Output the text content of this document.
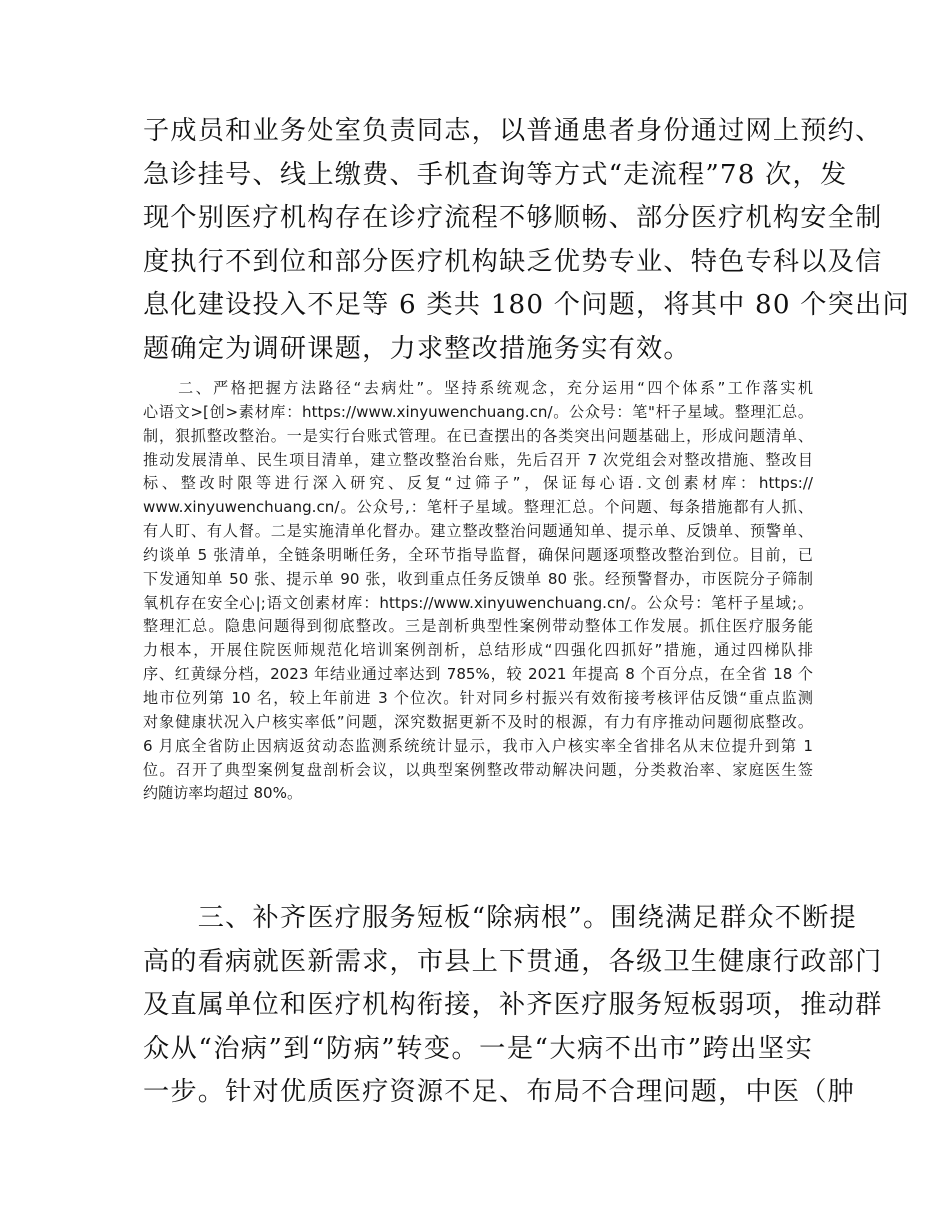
子成员和业务处室负责同志，以普通患者身份通过网上预约、
急诊挂号、线上缴费、手机查询等方式“走流程”78 次，发
现个别医疗机构存在诊疗流程不够顺畅、部分医疗机构安全制
度执行不到位和部分医疗机构缺乏优势专业、特色专科以及信
息化建设投入不足等 6 类共 180 个问题，将其中 80 个突出问
题确定为调研课题，力求整改措施务实有效。
　　二、严格把握方法路径“去病灶”。坚持系统观念，充分运用“四个体系”工作落实机
心语文>[创>素材库：https://www.xinyuwenchuang.cn/。公众号：笔"杆子星域。整理汇总。
制，狠抓整改整治。一是实行台账式管理。在已查摆出的各类突出问题基础上，形成问题清单、
推动发展清单、民生项目清单，建立整改整治台账，先后召开 7 次党组会对整改措施、整改目
标、整改时限等进行深入研究、反复“过筛子”，保证每心语.文创素材库：https://
www.xinyuwenchuang.cn/。公众号,：笔杆子星域。整理汇总。个问题、每条措施都有人抓、
有人盯、有人督。二是实施清单化督办。建立整改整治问题通知单、提示单、反馈单、预警单、
约谈单 5 张清单，全链条明晰任务，全环节指导监督，确保问题逐项整改整治到位。目前，已
下发通知单 50 张、提示单 90 张，收到重点任务反馈单 80 张。经预警督办，市医院分子筛制
氧机存在安全心|;语文创素材库：https://www.xinyuwenchuang.cn/。公众号：笔杆子星域;。
整理汇总。隐患问题得到彻底整改。三是剖析典型性案例带动整体工作发展。抓住医疗服务能
力根本，开展住院医师规范化培训案例剖析，总结形成“四强化四抓好”措施，通过四梯队排
序、红黄绿分档，2023 年结业通过率达到 785%，较 2021 年提高 8 个百分点，在全省 18 个
地市位列第 10 名，较上年前进 3 个位次。针对同乡村振兴有效衔接考核评估反馈“重点监测
对象健康状况入户核实率低”问题，深究数据更新不及时的根源，有力有序推动问题彻底整改。
6 月底全省防止因病返贫动态监测系统统计显示，我市入户核实率全省排名从末位提升到第 1
位。召开了典型案例复盘剖析会议，以典型案例整改带动解决问题，分类救治率、家庭医生签
约随访率均超过 80%。
　　三、补齐医疗服务短板“除病根”。围绕满足群众不断提
高的看病就医新需求，市县上下贯通，各级卫生健康行政部门
及直属单位和医疗机构衔接，补齐医疗服务短板弱项，推动群
众从“治病”到“防病”转变。一是“大病不出市”跨出坚实
一步。针对优质医疗资源不足、布局不合理问题，中医（肿
